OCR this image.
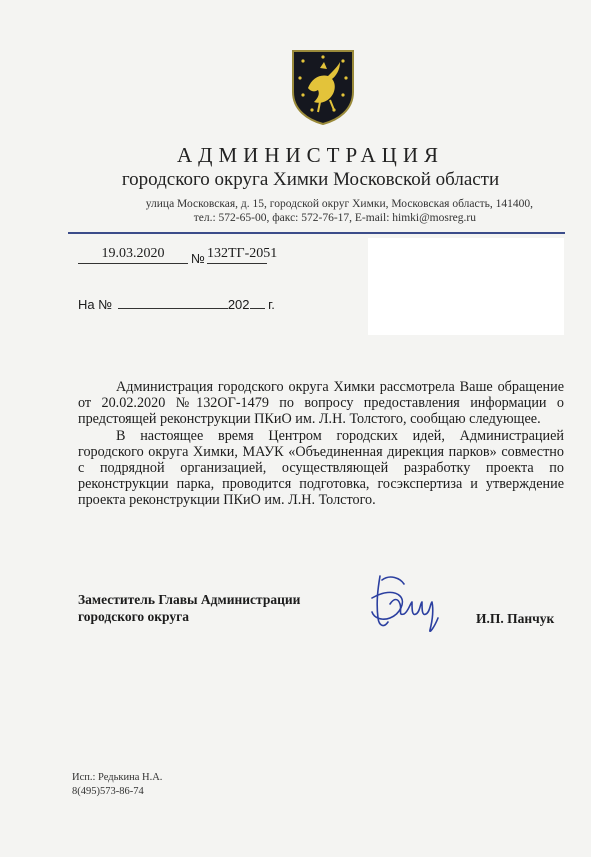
АДМИНИСТРАЦИЯ
городского округа Химки Московской области
улица Московская, д. 15, городской округ Химки, Московская область, 141400,
тел.: 572-65-00, факс: 572-76-17, E-mail: himki@mosreg.ru
19.03.2020	№ 132ТГ-2051
На №	202 г.

Администрация городского округа Химки рассмотрела Ваше обращение от 20.02.2020 №132ОГ-1479 по вопросу предоставления информации о предстоящей реконструкции ПКиО им. Л.Н. Толстого, сообщаю следующее.

В настоящее время Центром городских идей, Администрацией городского округа Химки, МАУК «Объединенная дирекция парков» совместно с подрядной организацией, осуществляющей разработку проекта по реконструкции парка, проводится подготовка, госэкспертиза и утверждение проекта реконструкции ПКиО им. Л.Н. Толстого.

Заместитель Главы Администрации
городского округа	И.П. Панчук
Исп.: Редькина Н.А.
8(495)573-86-74
